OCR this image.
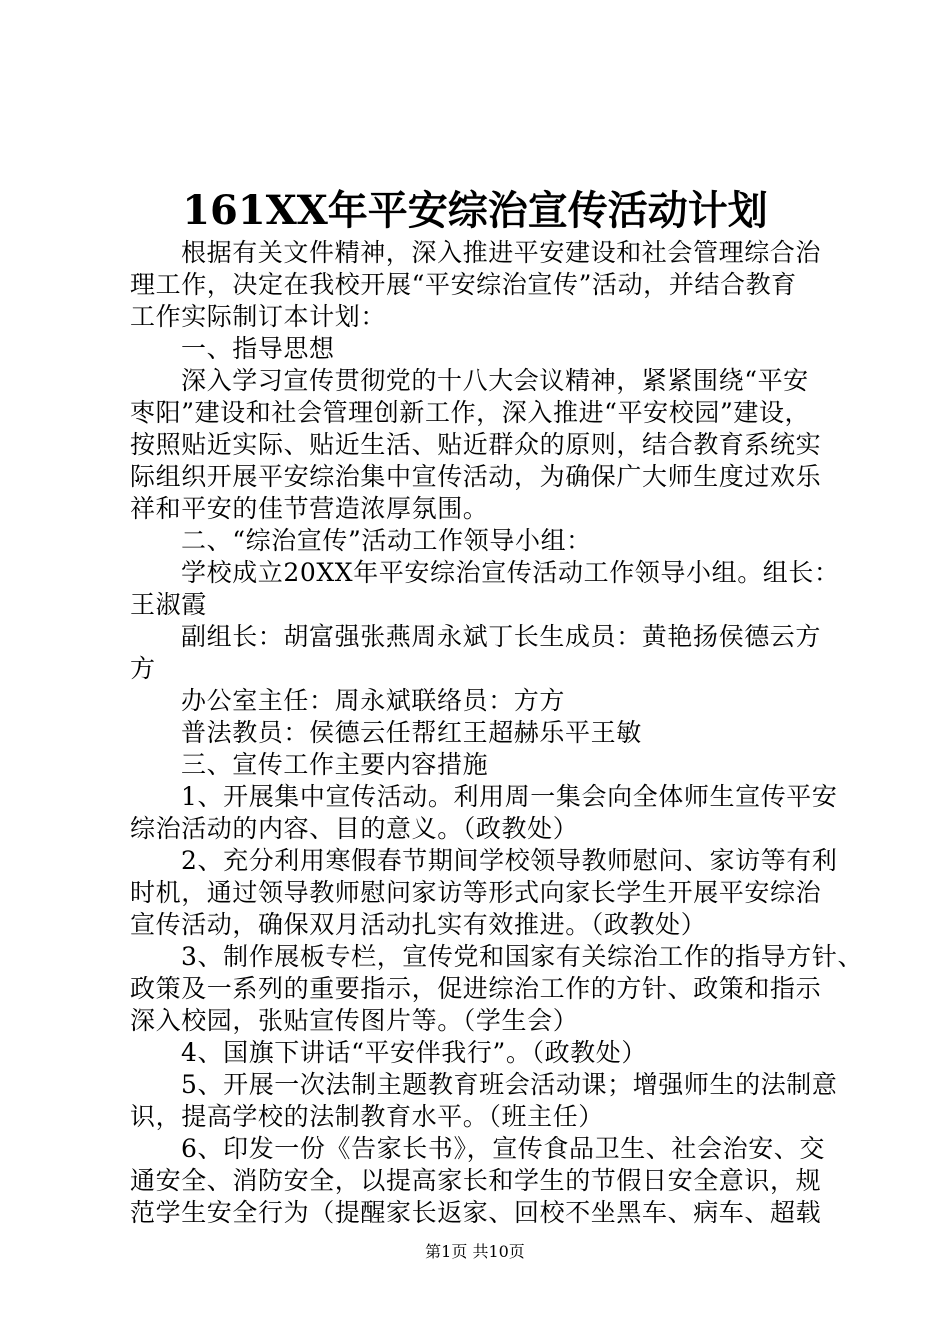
161XX年平安综治宣传活动计划
根据有关文件精神，深入推进平安建设和社会管理综合治
理工作，决定在我校开展“平安综治宣传”活动，并结合教育
工作实际制订本计划：
一、指导思想
深入学习宣传贯彻党的十八大会议精神，紧紧围绕“平安
枣阳”建设和社会管理创新工作，深入推进“平安校园”建设，
按照贴近实际、贴近生活、贴近群众的原则，结合教育系统实
际组织开展平安综治集中宣传活动，为确保广大师生度过欢乐
祥和平安的佳节营造浓厚氛围。
二、“综治宣传”活动工作领导小组：
学校成立20XX年平安综治宣传活动工作领导小组。组长：
王淑霞
副组长：胡富强张燕周永斌丁长生成员：黄艳扬侯德云方
方
办公室主任：周永斌联络员：方方
普法教员：侯德云任帮红王超赫乐平王敏
三、宣传工作主要内容措施
1、开展集中宣传活动。利用周一集会向全体师生宣传平安
综治活动的内容、目的意义。（政教处）
2、充分利用寒假春节期间学校领导教师慰问、家访等有利
时机，通过领导教师慰问家访等形式向家长学生开展平安综治
宣传活动，确保双月活动扎实有效推进。（政教处）
3、制作展板专栏，宣传党和国家有关综治工作的指导方针、
政策及一系列的重要指示，促进综治工作的方针、政策和指示
深入校园，张贴宣传图片等。（学生会）
4、国旗下讲话“平安伴我行”。（政教处）
5、开展一次法制主题教育班会活动课；增强师生的法制意
识，提高学校的法制教育水平。（班主任）
6、印发一份《告家长书》，宣传食品卫生、社会治安、交
通安全、消防安全，以提高家长和学生的节假日安全意识，规
范学生安全行为（提醒家长返家、回校不坐黑车、病车、超载
第1页 共10页
